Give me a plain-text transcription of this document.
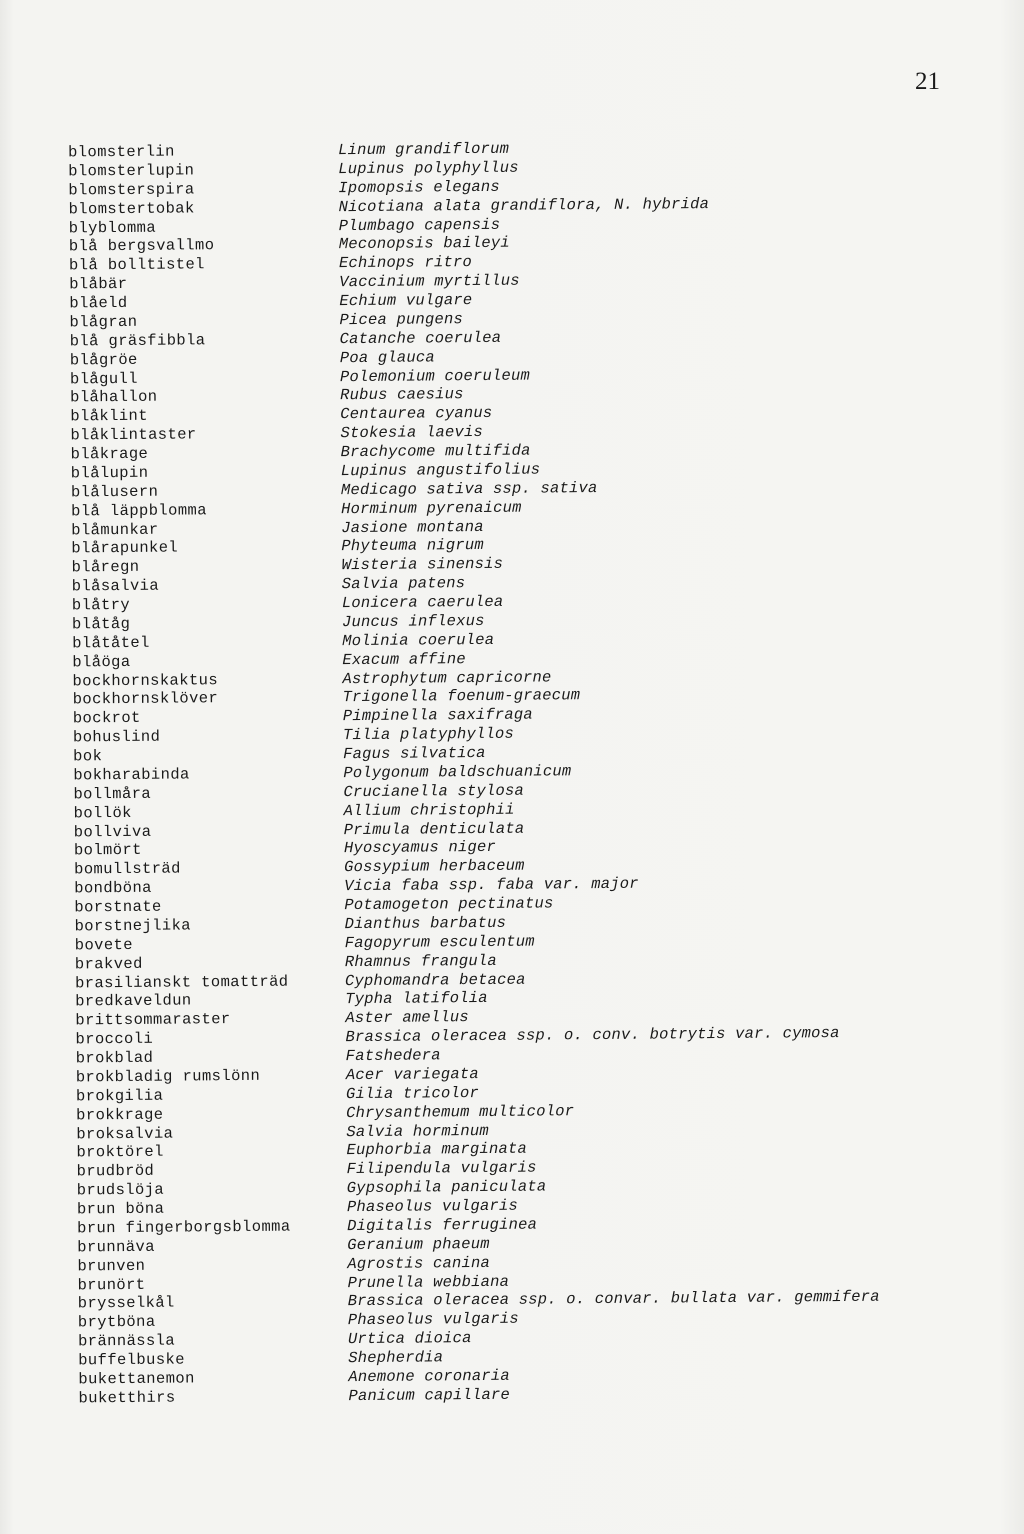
21
blomsterlin	Linum grandiflorum
blomsterlupin	Lupinus polyphyllus
blomsterspira	Ipomopsis elegans
blomstertobak	Nicotiana alata grandiflora, N. hybrida
blyblomma	Plumbago capensis
blå bergsvallmo	Meconopsis baileyi
blå bolltistel	Echinops ritro
blåbär	Vaccinium myrtillus
blåeld	Echium vulgare
blågran	Picea pungens
blå gräsfibbla	Catanche coerulea
blågröe	Poa glauca
blågull	Polemonium coeruleum
blåhallon	Rubus caesius
blåklint	Centaurea cyanus
blåklintaster	Stokesia laevis
blåkrage	Brachycome multifida
blålupin	Lupinus angustifolius
blålusern	Medicago sativa ssp. sativa
blå läppblomma	Horminum pyrenaicum
blåmunkar	Jasione montana
blårapunkel	Phyteuma nigrum
blåregn	Wisteria sinensis
blåsalvia	Salvia patens
blåtry	Lonicera caerulea
blåtåg	Juncus inflexus
blåtåtel	Molinia coerulea
blåöga	Exacum affine
bockhornskaktus	Astrophytum capricorne
bockhornsklöver	Trigonella foenum-graecum
bockrot	Pimpinella saxifraga
bohuslind	Tilia platyphyllos
bok	Fagus silvatica
bokharabinda	Polygonum baldschuanicum
bollmåra	Crucianella stylosa
bollök	Allium christophii
bollviva	Primula denticulata
bolmört	Hyoscyamus niger
bomullsträd	Gossypium herbaceum
bondböna	Vicia faba ssp. faba var. major
borstnate	Potamogeton pectinatus
borstnejlika	Dianthus barbatus
bovete	Fagopyrum esculentum
brakved	Rhamnus frangula
brasilianskt tomatträd	Cyphomandra betacea
bredkaveldun	Typha latifolia
brittsommaraster	Aster amellus
broccoli	Brassica oleracea ssp. o. conv. botrytis var. cymosa
brokblad	Fatshedera
brokbladig rumslönn	Acer variegata
brokgilia	Gilia tricolor
brokkrage	Chrysanthemum multicolor
broksalvia	Salvia horminum
broktörel	Euphorbia marginata
brudbröd	Filipendula vulgaris
brudslöja	Gypsophila paniculata
brun böna	Phaseolus vulgaris
brun fingerborgsblomma	Digitalis ferruginea
brunnäva	Geranium phaeum
brunven	Agrostis canina
brunört	Prunella webbiana
brysselkål	Brassica oleracea ssp. o. convar. bullata var. gemmifera
brytböna	Phaseolus vulgaris
brännässla	Urtica dioica
buffelbuske	Shepherdia
bukettanemon	Anemone coronaria
buketthirs	Panicum capillare
